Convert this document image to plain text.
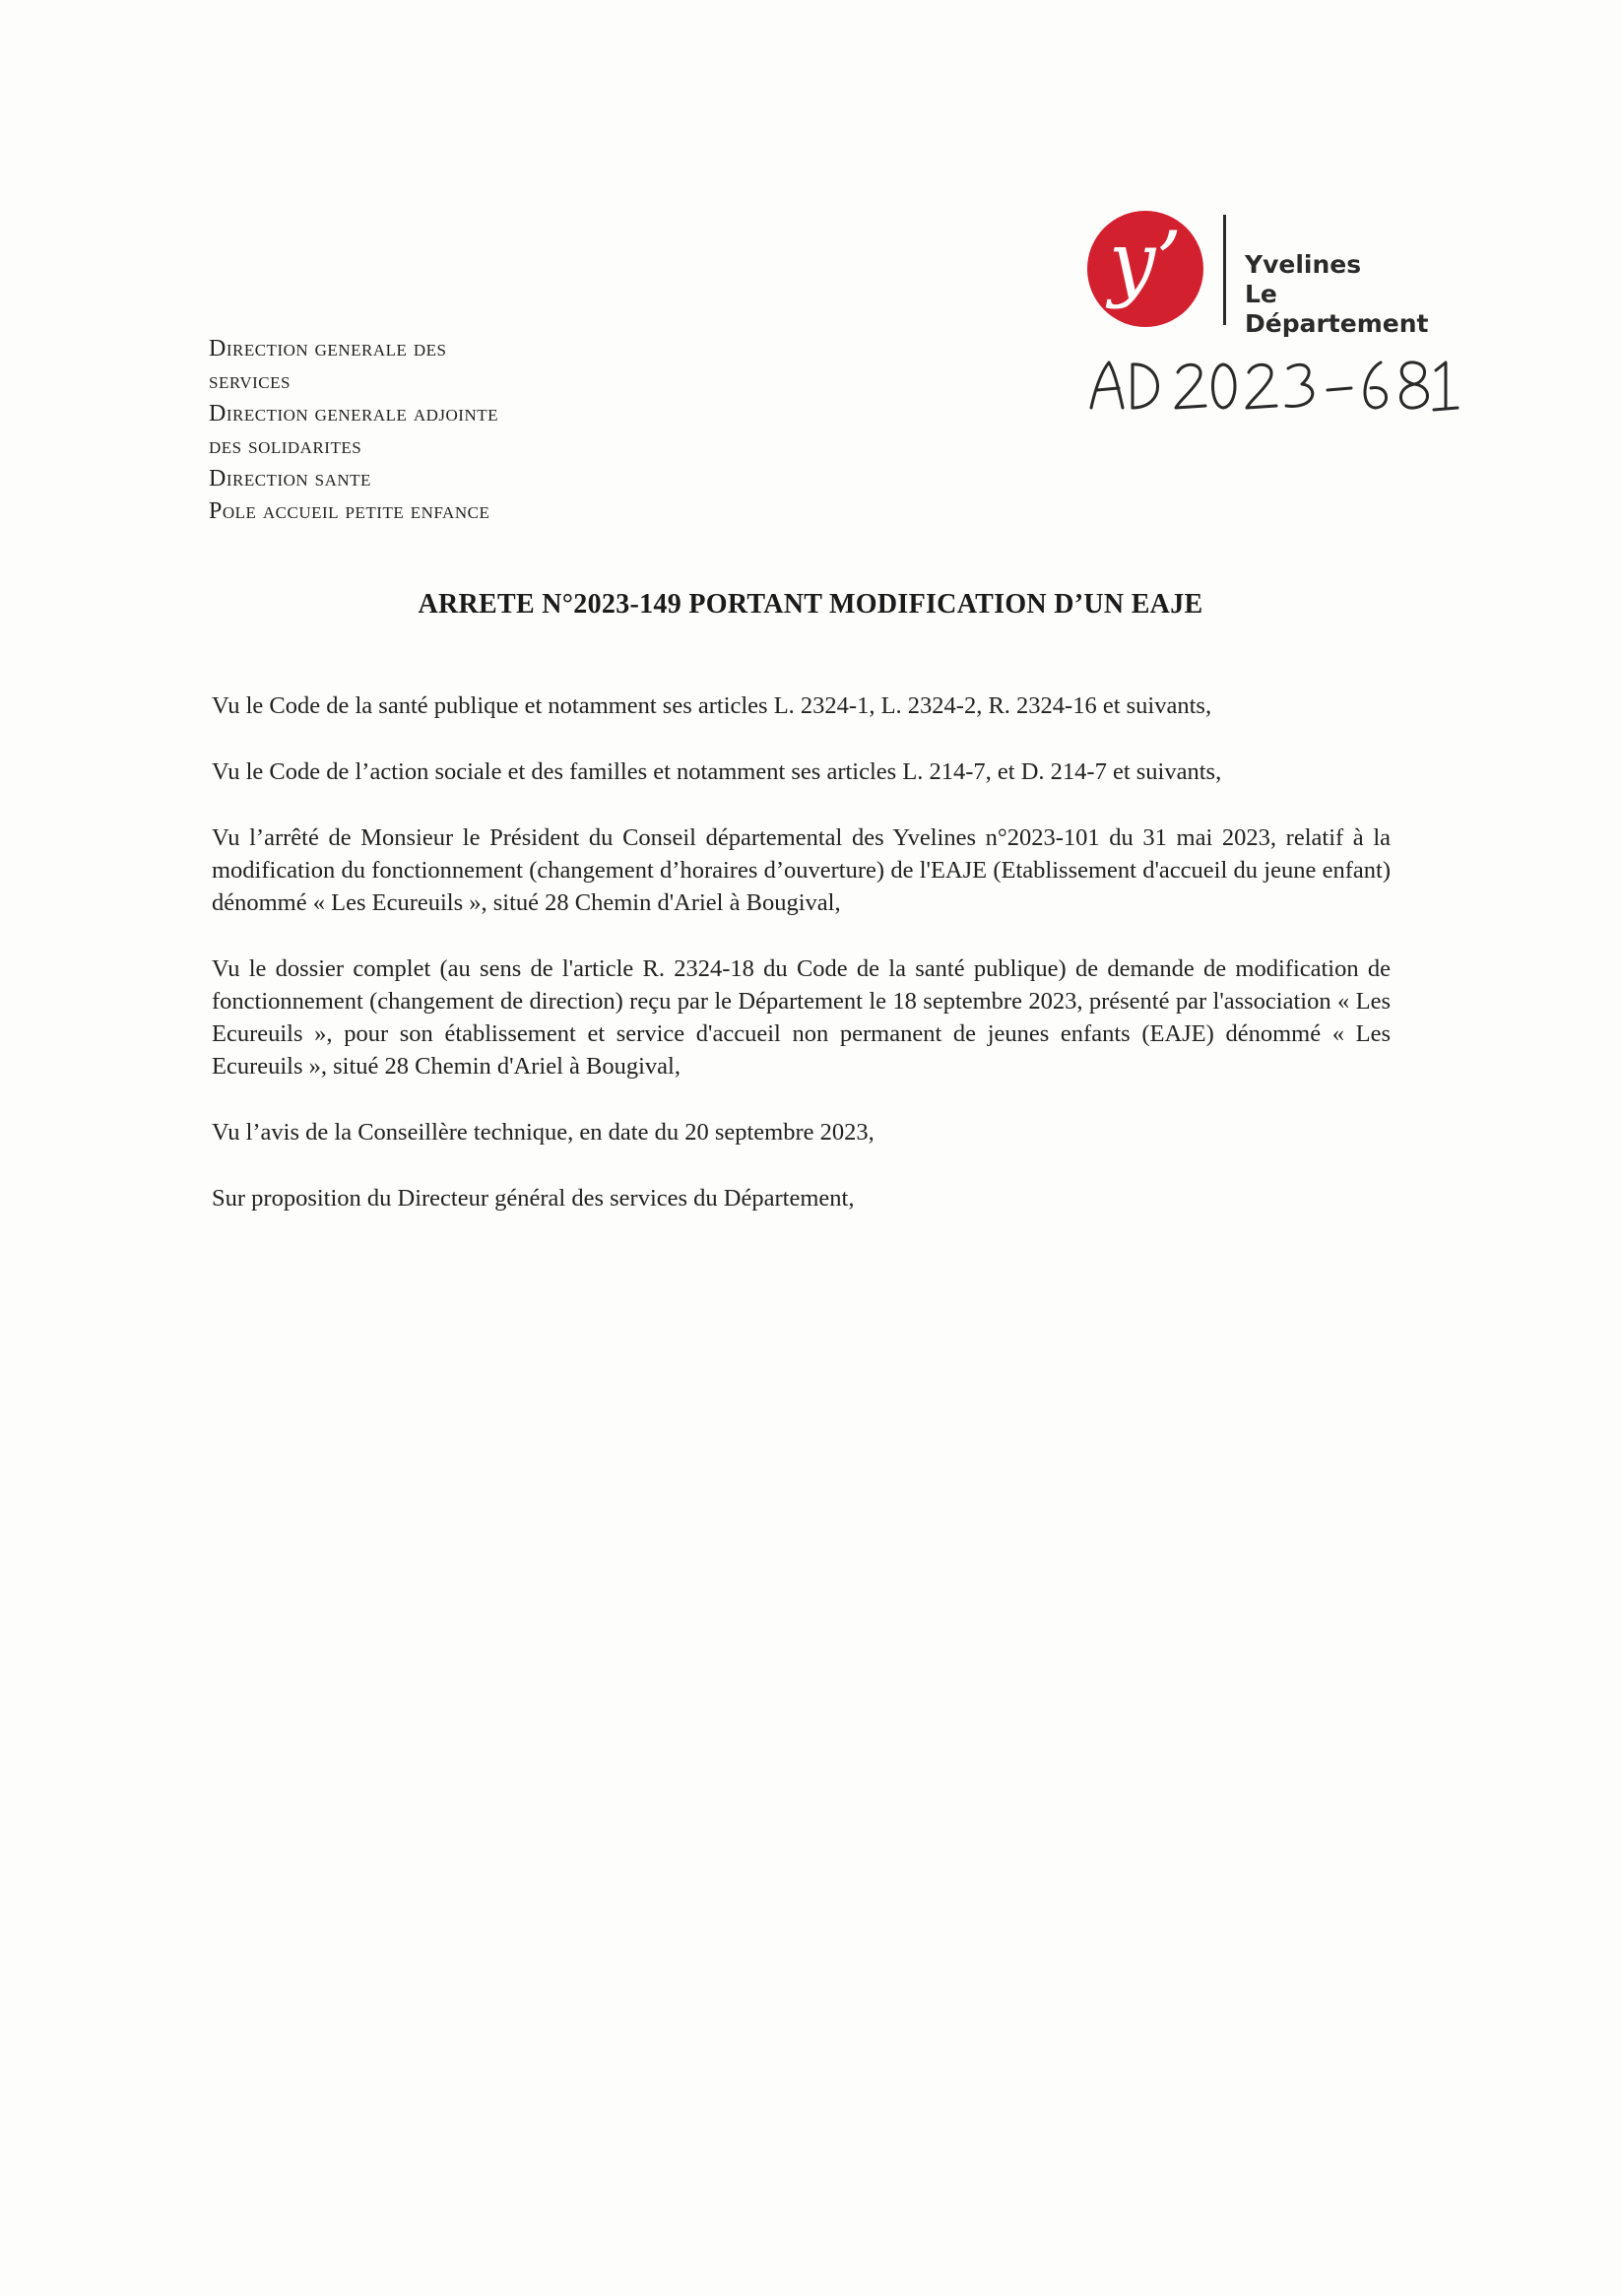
y’	Yvelines
Le Département
Direction generale des
services
Direction generale adjointe
des solidarites
Direction sante
Pole accueil petite enfance
ARRETE N°2023-149 PORTANT MODIFICATION D’UN EAJE

Vu le Code de la santé publique et notamment ses articles L. 2324-1, L. 2324-2, R. 2324-16 et suivants,

Vu le Code de l’action sociale et des familles et notamment ses articles L. 214-7, et D. 214-7 et suivants,

Vu l’arrêté de Monsieur le Président du Conseil départemental des Yvelines n°2023-101 du 31 mai 2023, relatif à la modification du fonctionnement (changement d’horaires d’ouverture) de l'EAJE (Etablissement d'accueil du jeune enfant) dénommé « Les Ecureuils », situé 28 Chemin d'Ariel à Bougival,

Vu le dossier complet (au sens de l'article R. 2324-18 du Code de la santé publique) de demande de modification de fonctionnement (changement de direction) reçu par le Département le 18 septembre 2023, présenté par l'association « Les Ecureuils », pour son établissement et service d'accueil non permanent de jeunes enfants (EAJE) dénommé « Les Ecureuils », situé 28 Chemin d'Ariel à Bougival,

Vu l’avis de la Conseillère technique, en date du 20 septembre 2023,

Sur proposition du Directeur général des services du Département,
